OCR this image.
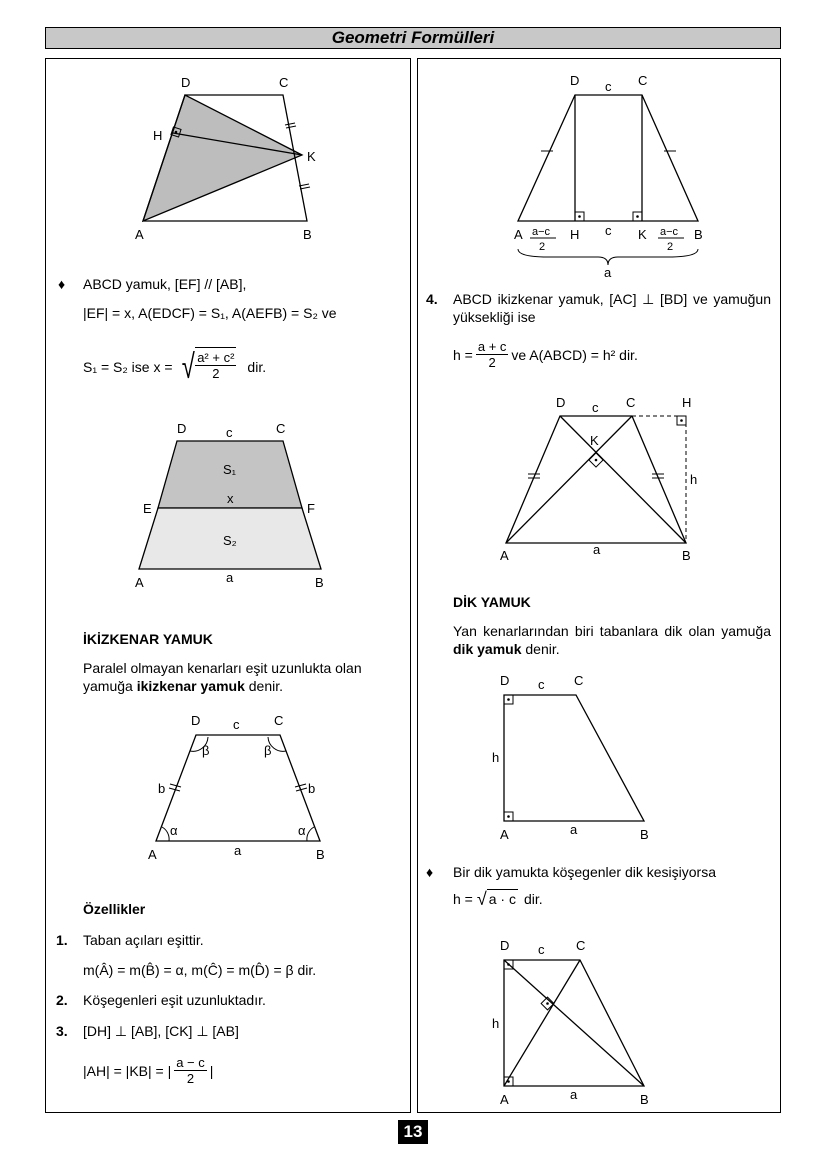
Geometri Formülleri
D	C
H
K
A	B
♦ ABCD yamuk, [EF] // [AB],
|EF| = x, A(EDCF) = S₁, A(AEFB) = S₂ ve
S₁ = S₂ ise x = √ $\frac{\text{a² + c²}}{2}$ dir.
D	c	C
S₁
E
x
F
S₂
A	a	B
İKİZKENAR YAMUK
Paralel olmayan kenarları eşit uzunlukta olan yamuğa ikizkenar yamuk denir.
D	c	C
β	β
b	b
α	α
A	a	B
Özellikler
1. Taban açıları eşittir.
m(Â) = m(B̂) = α, m(Ĉ) = m(D̂) = β dir.
2. Köşegenleri eşit uzunluktadır.
3. [DH] ⊥ [AB], [CK] ⊥ [AB]
|AH| = |KB| = | $\frac{a - c}{2}$ |
D c C
A a−c
2
H c K a−c
2
B
a
4. ABCD ikizkenar yamuk, [AC] ⊥ [BD] ve yamuğun yüksekliği ise
$h = \frac{a + c}{2}$ ve A(ABCD) = h² dir.
D c C	H
K
h
A	a	B
DİK YAMUK
Yan kenarlarından biri tabanlara dik olan yamuğa dik yamuk denir.
D c C
h
A	a	B
♦ Bir dik yamukta köşegenler dik kesişiyorsa
h = √ a · c dir.
D c C
h
A	a	B
13
